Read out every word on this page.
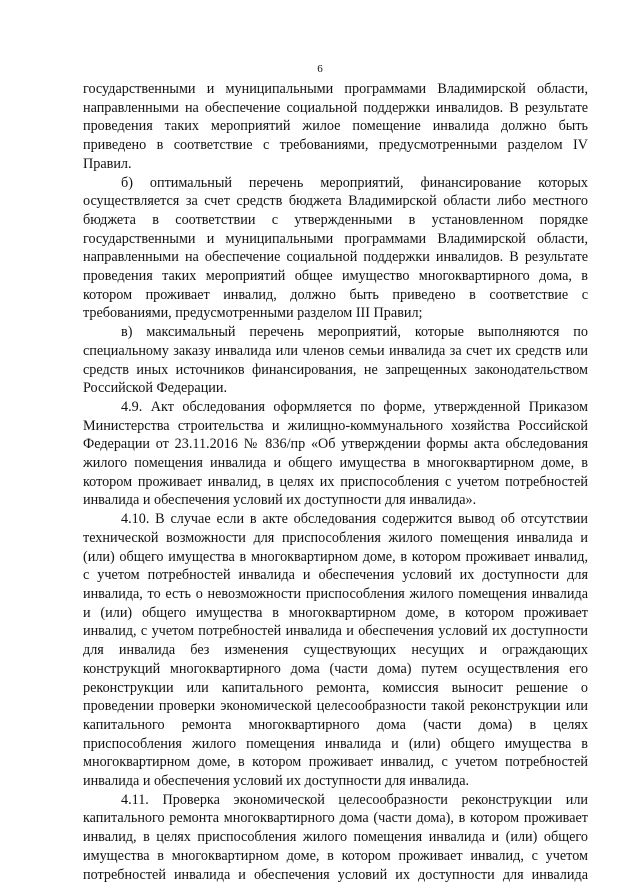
6
государственными и муниципальными программами Владимирской области,
направленными на обеспечение социальной поддержки инвалидов. В результате
проведения таких мероприятий жилое помещение инвалида должно быть
приведено в соответствие с требованиями, предусмотренными разделом IV
Правил.
б) оптимальный перечень мероприятий, финансирование которых
осуществляется за счет средств бюджета Владимирской области либо местного
бюджета в соответствии с утвержденными в установленном порядке
государственными и муниципальными программами Владимирской области,
направленными на обеспечение социальной поддержки инвалидов. В результате
проведения таких мероприятий общее имущество многоквартирного дома, в
котором проживает инвалид, должно быть приведено в соответствие с
требованиями, предусмотренными разделом III Правил;
в) максимальный перечень мероприятий, которые выполняются по
специальному заказу инвалида или членов семьи инвалида за счет их средств или
средств иных источников финансирования, не запрещенных законодательством
Российской Федерации.
4.9. Акт обследования оформляется по форме, утвержденной Приказом
Министерства строительства и жилищно-коммунального хозяйства Российской
Федерации от 23.11.2016 № 836/пр «Об утверждении формы акта обследования
жилого помещения инвалида и общего имущества в многоквартирном доме, в
котором проживает инвалид, в целях их приспособления с учетом потребностей
инвалида и обеспечения условий их доступности для инвалида».
4.10. В случае если в акте обследования содержится вывод об отсутствии
технической возможности для приспособления жилого помещения инвалида и
(или) общего имущества в многоквартирном доме, в котором проживает инвалид,
с учетом потребностей инвалида и обеспечения условий их доступности для
инвалида, то есть о невозможности приспособления жилого помещения инвалида
и (или) общего имущества в многоквартирном доме, в котором проживает
инвалид, с учетом потребностей инвалида и обеспечения условий их доступности
для инвалида без изменения существующих несущих и ограждающих
конструкций многоквартирного дома (части дома) путем осуществления его
реконструкции или капитального ремонта, комиссия выносит решение о
проведении проверки экономической целесообразности такой реконструкции или
капитального ремонта многоквартирного дома (части дома) в целях
приспособления жилого помещения инвалида и (или) общего имущества в
многоквартирном доме, в котором проживает инвалид, с учетом потребностей
инвалида и обеспечения условий их доступности для инвалида.
4.11. Проверка экономической целесообразности реконструкции или
капитального ремонта многоквартирного дома (части дома), в котором проживает
инвалид, в целях приспособления жилого помещения инвалида и (или) общего
имущества в многоквартирном доме, в котором проживает инвалид, с учетом
потребностей инвалида и обеспечения условий их доступности для инвалида
